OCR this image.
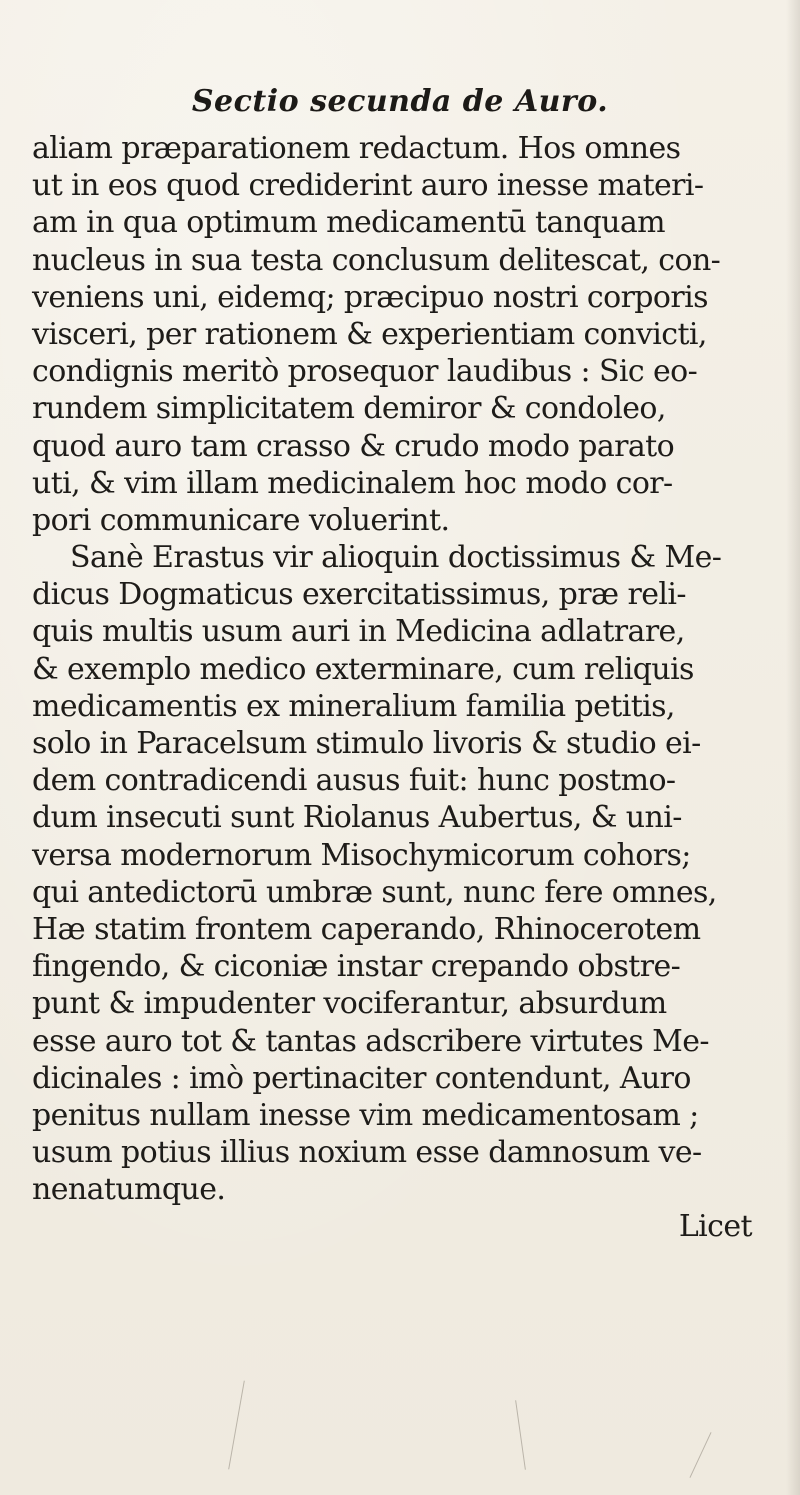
Sectio secunda de Auro.
aliam præparationem redactum. Hos omnes
ut in eos quod crediderint auro inesse materi-
am in qua optimum medicamentū tanquam
nucleus in sua testa conclusum delitescat, con-
veniens uni, eidemq; præcipuo nostri corporis
visceri, per rationem & experientiam convicti,
condignis meritò prosequor laudibus : Sic eo-
rundem simplicitatem demiror & condoleo,
quod auro tam crasso & crudo modo parato
uti, & vim illam medicinalem hoc modo cor-
pori communicare voluerint.
Sanè Erastus vir alioquin doctissimus & Me-
dicus Dogmaticus exercitatissimus, præ reli-
quis multis usum auri in Medicina adlatrare,
& exemplo medico exterminare, cum reliquis
medicamentis ex mineralium familia petitis,
solo in Paracelsum stimulo livoris & studio ei-
dem contradicendi ausus fuit: hunc postmo-
dum insecuti sunt Riolanus Aubertus, & uni-
versa modernorum Misochymicorum cohors;
qui antedictorū umbræ sunt, nunc fere omnes,
Hæ statim frontem caperando, Rhinocerotem
fingendo, & ciconiæ instar crepando obstre-
punt & impudenter vociferantur, absurdum
esse auro tot & tantas adscribere virtutes Me-
dicinales : imò pertinaciter contendunt, Auro
penitus nullam inesse vim medicamentosam ;
usum potius illius noxium esse damnosum ve-
nenatumque.
Licet
